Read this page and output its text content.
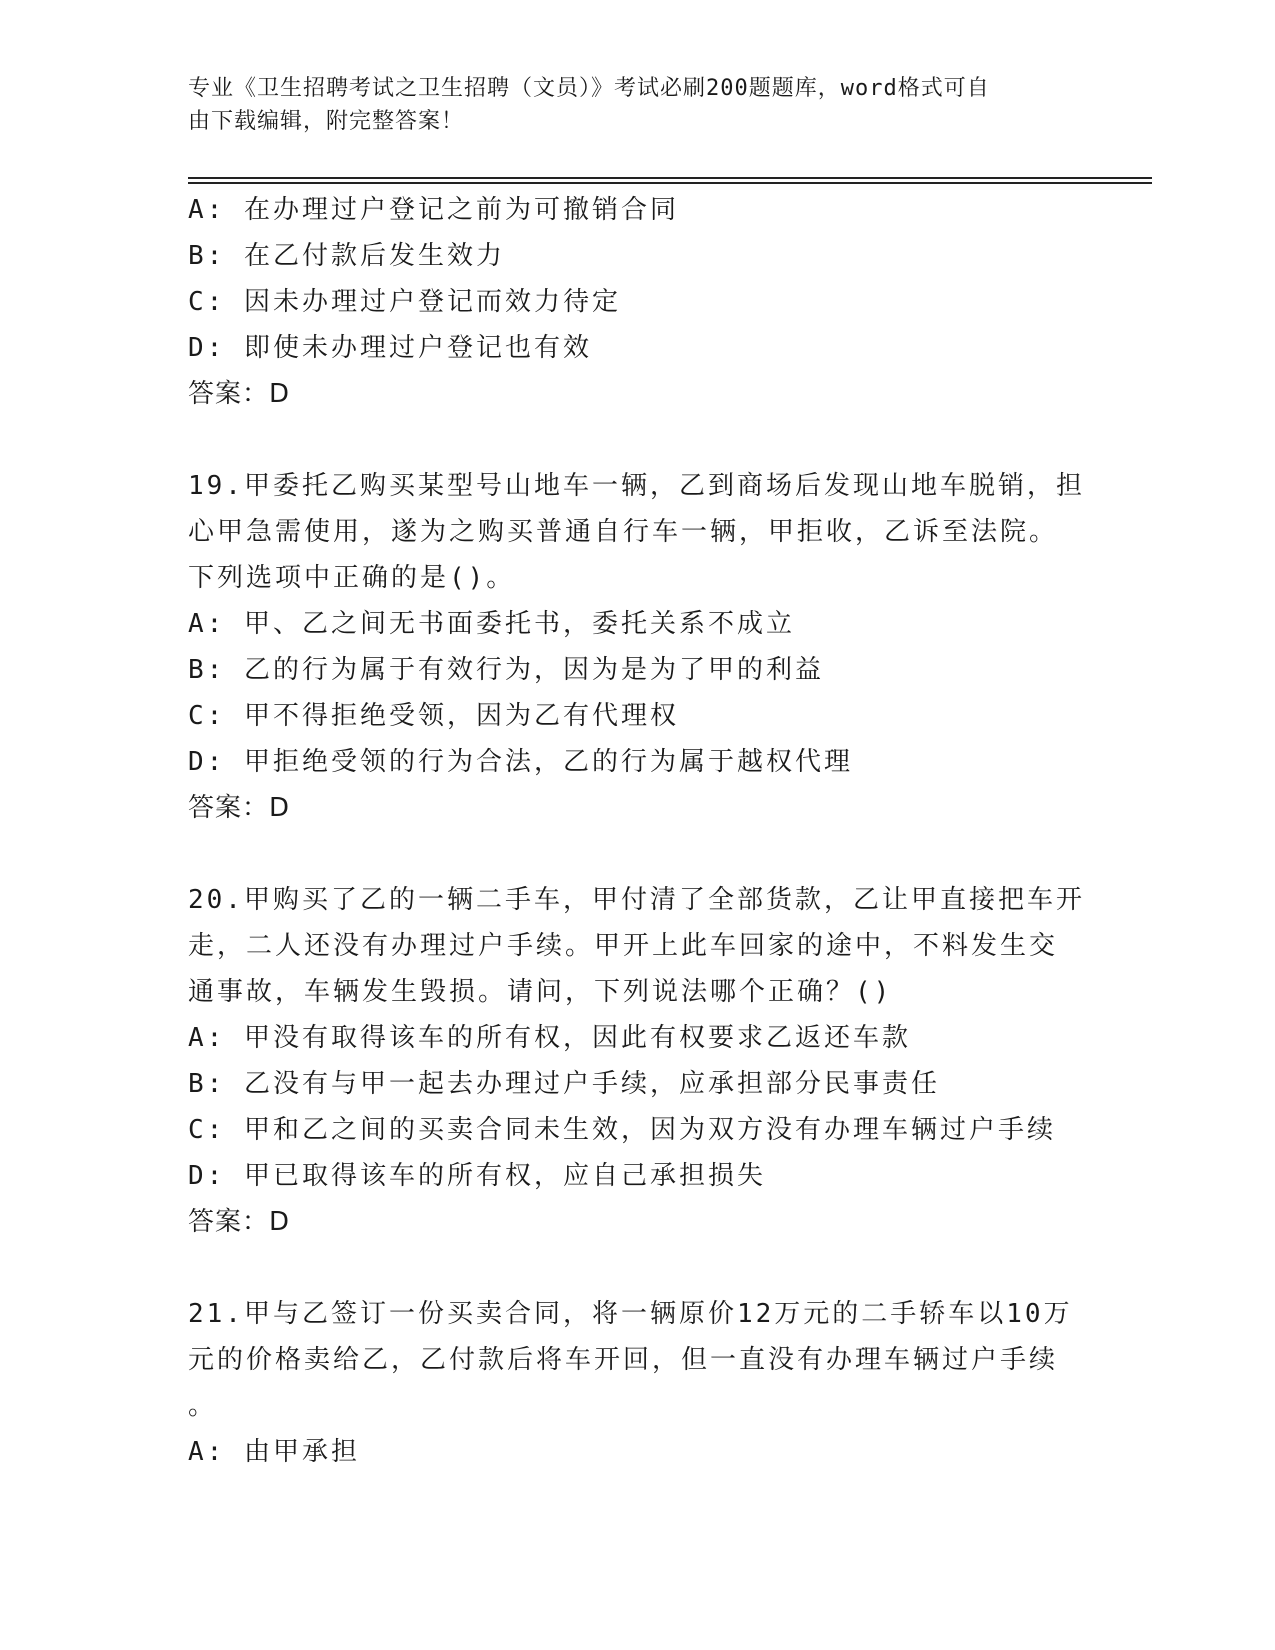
专业《卫生招聘考试之卫生招聘（文员）》考试必刷200题题库，word格式可自
由下载编辑，附完整答案！
A: 在办理过户登记之前为可撤销合同
B: 在乙付款后发生效力
C: 因未办理过户登记而效力待定
D: 即使未办理过户登记也有效
答案：D
19.甲委托乙购买某型号山地车一辆，乙到商场后发现山地车脱销，担
心甲急需使用，遂为之购买普通自行车一辆，甲拒收，乙诉至法院。
下列选项中正确的是()。
A: 甲、乙之间无书面委托书，委托关系不成立
B: 乙的行为属于有效行为，因为是为了甲的利益
C: 甲不得拒绝受领，因为乙有代理权
D: 甲拒绝受领的行为合法，乙的行为属于越权代理
答案：D
20.甲购买了乙的一辆二手车，甲付清了全部货款，乙让甲直接把车开
走，二人还没有办理过户手续。甲开上此车回家的途中，不料发生交
通事故，车辆发生毁损。请问，下列说法哪个正确？()
A: 甲没有取得该车的所有权，因此有权要求乙返还车款
B: 乙没有与甲一起去办理过户手续，应承担部分民事责任
C: 甲和乙之间的买卖合同未生效，因为双方没有办理车辆过户手续
D: 甲已取得该车的所有权，应自己承担损失
答案：D
21.甲与乙签订一份买卖合同，将一辆原价12万元的二手轿车以10万
元的价格卖给乙，乙付款后将车开回，但一直没有办理车辆过户手续
。
A: 由甲承担
